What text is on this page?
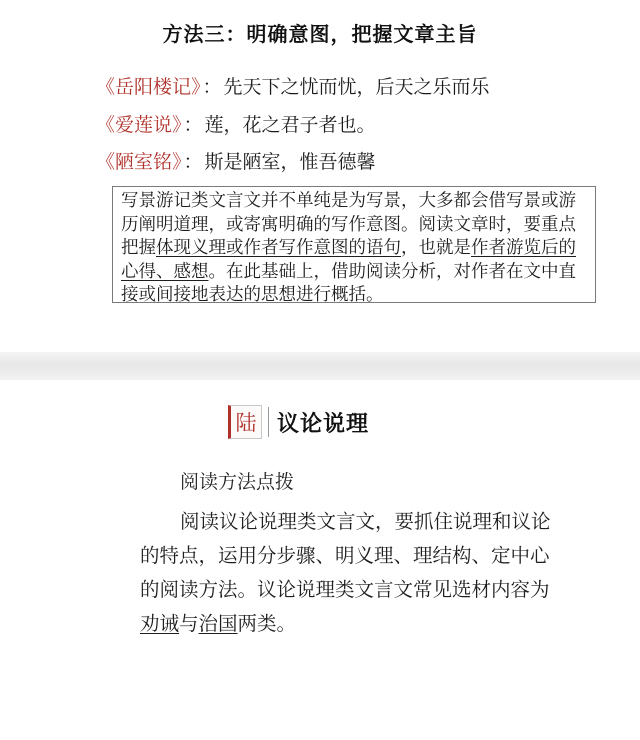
方法三：明确意图，把握文章主旨
《岳阳楼记》 ： 先天下之忧而忧，后天之乐而乐
《爱莲说》 ： 莲，花之君子者也。
《陋室铭》 ： 斯是陋室，惟吾德馨
写景游记类文言文并不单纯是为写景，大多都会借写景或游历阐明道理，或寄寓明确的写作意图。阅读文章时，要重点把握体现义理或作者写作意图的语句，也就是作者游览后的心得、感想。在此基础上，借助阅读分析，对作者在文中直接或间接地表达的思想进行概括。
陆 议论说理
阅读方法点拨
阅读议论说理类文言文，要抓住说理和议论的特点，运用分步骤、明义理、理结构、定中心的阅读方法。议论说理类文言文常见选材内容为劝诫与治国两类。
